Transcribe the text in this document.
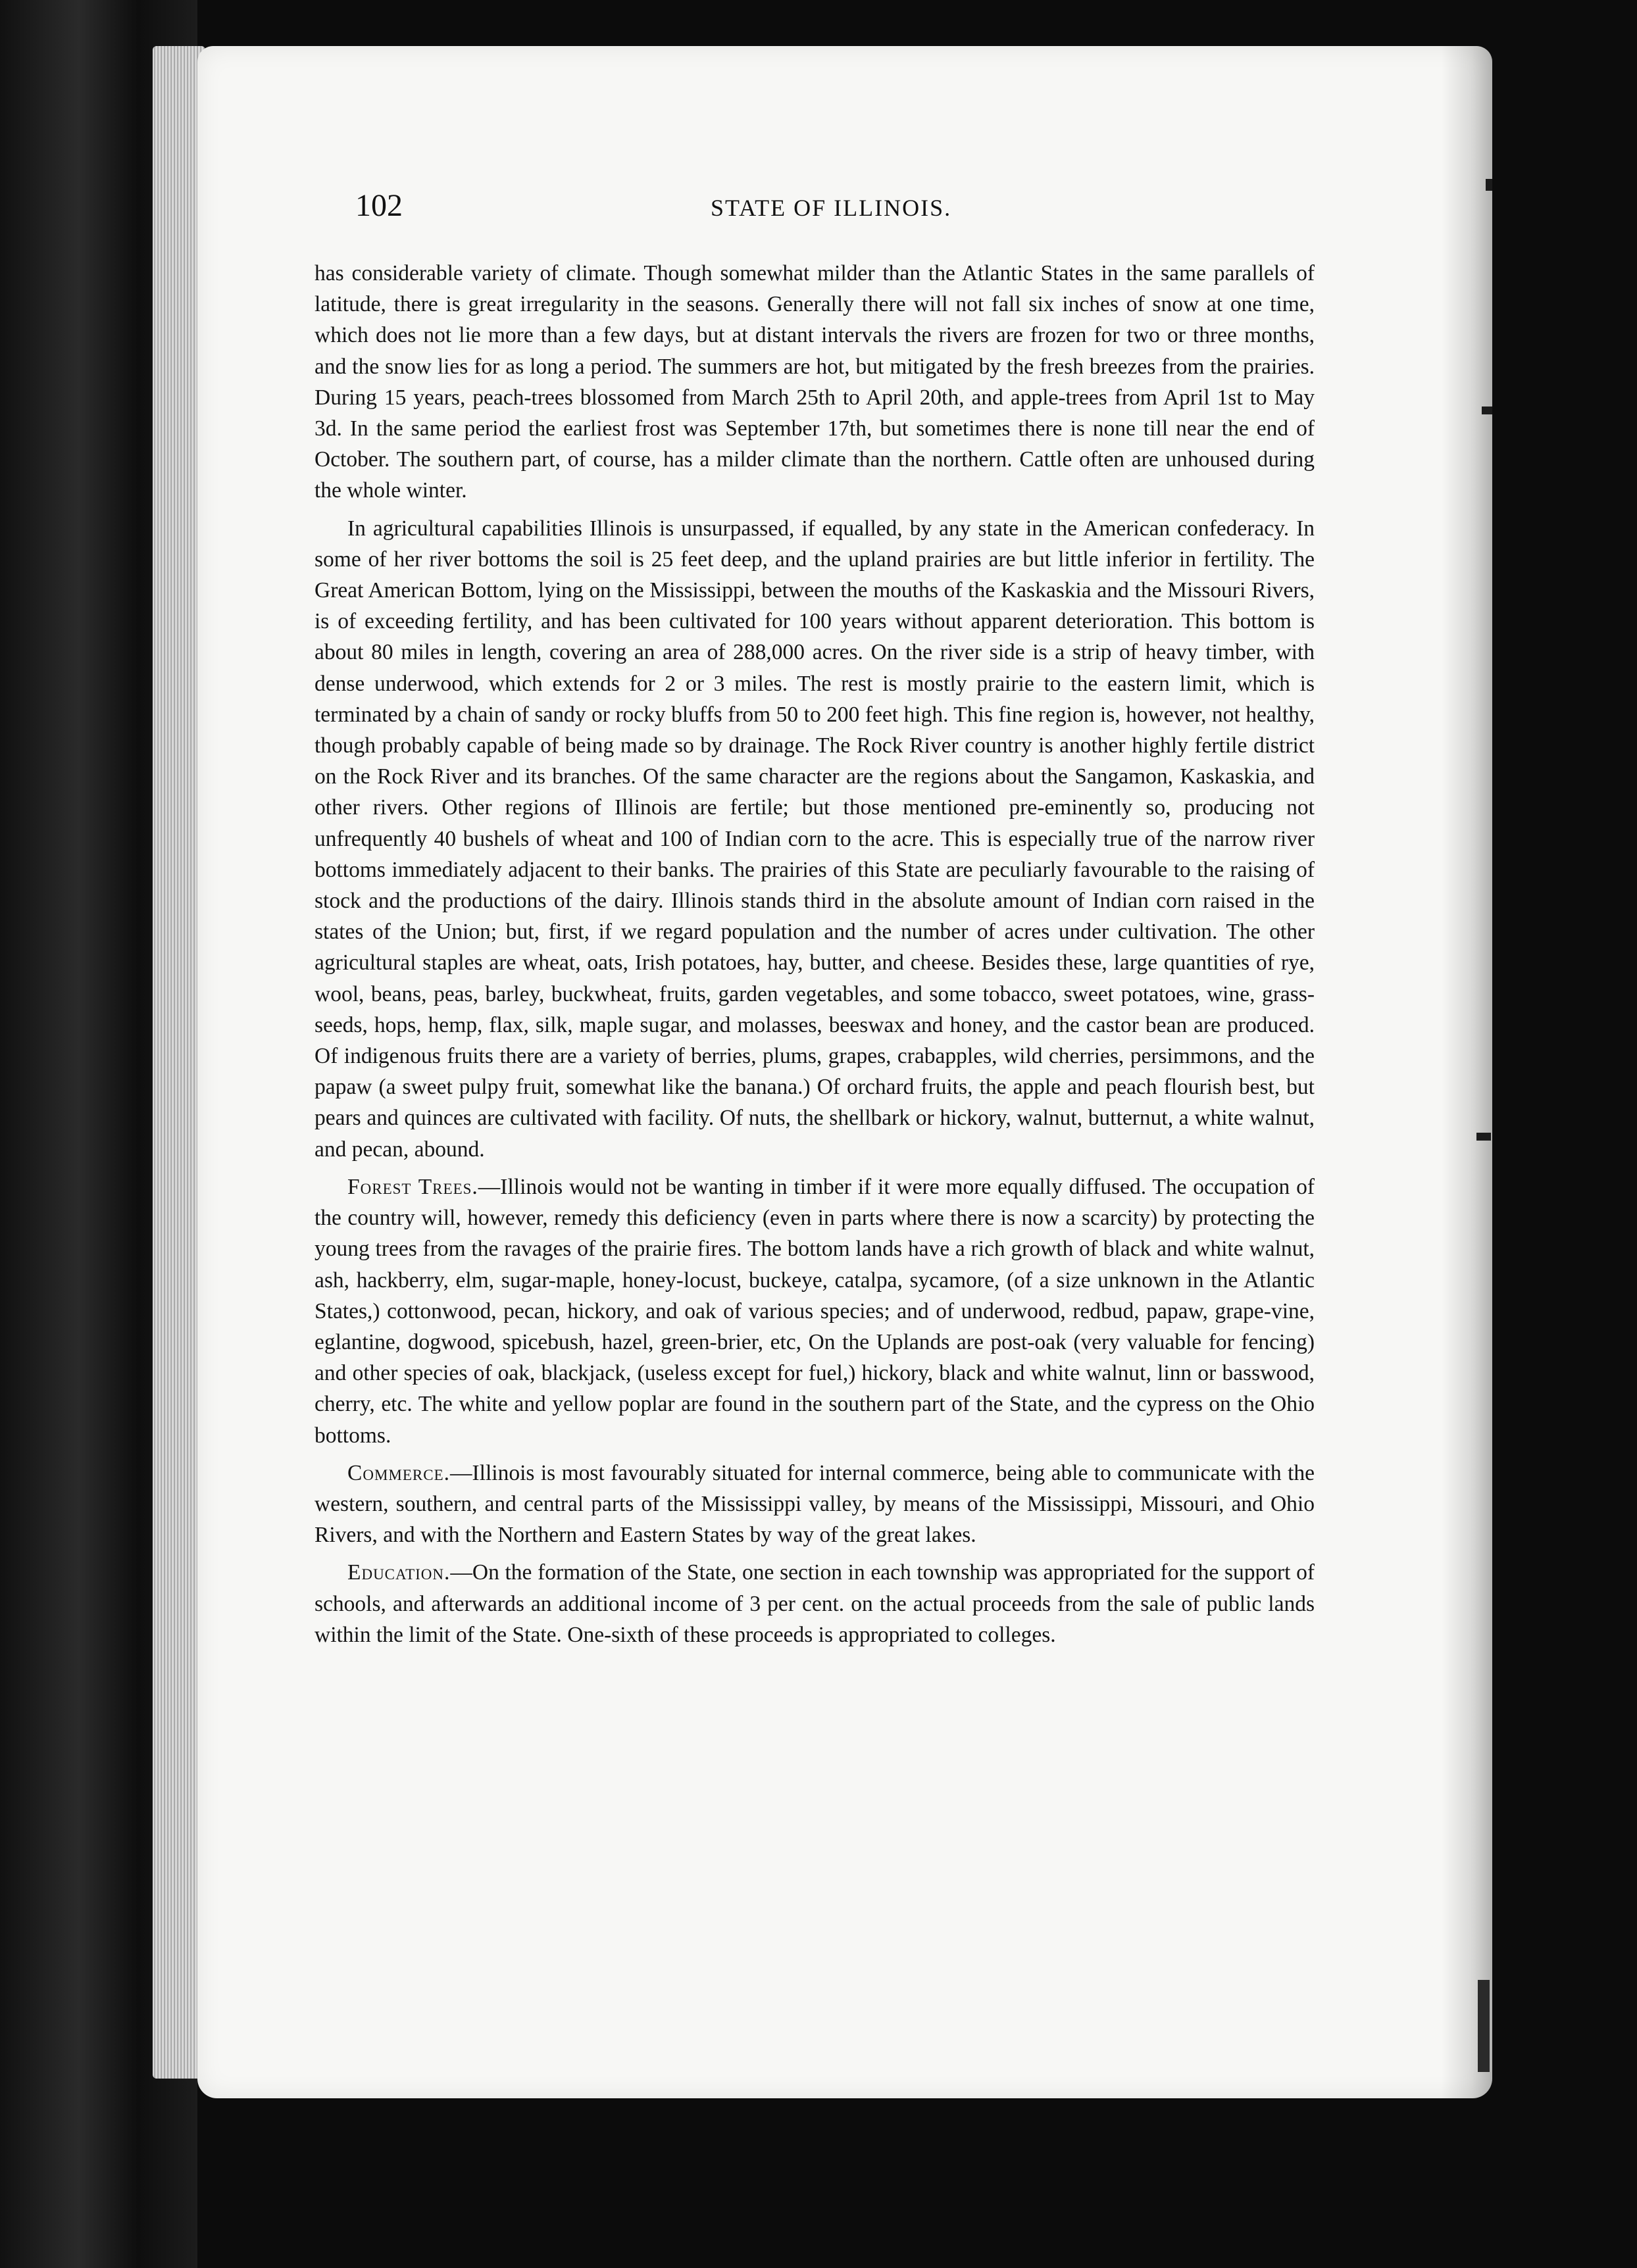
102	STATE OF ILLINOIS.

has considerable variety of climate. Though somewhat milder than the Atlantic States in the same parallels of latitude, there is great irregularity in the seasons. Generally there will not fall six inches of snow at one time, which does not lie more than a few days, but at distant intervals the rivers are frozen for two or three months, and the snow lies for as long a period. The summers are hot, but mitigated by the fresh breezes from the prairies. During 15 years, peach-trees blossomed from March 25th to April 20th, and apple-trees from April 1st to May 3d. In the same period the earliest frost was September 17th, but sometimes there is none till near the end of October. The southern part, of course, has a milder climate than the northern. Cattle often are unhoused during the whole winter.

In agricultural capabilities Illinois is unsurpassed, if equalled, by any state in the American confederacy. In some of her river bottoms the soil is 25 feet deep, and the upland prairies are but little inferior in fertility. The Great American Bottom, lying on the Mississippi, between the mouths of the Kaskaskia and the Missouri Rivers, is of exceeding fertility, and has been cultivated for 100 years without apparent deterioration. This bottom is about 80 miles in length, covering an area of 288,000 acres. On the river side is a strip of heavy timber, with dense underwood, which extends for 2 or 3 miles. The rest is mostly prairie to the eastern limit, which is terminated by a chain of sandy or rocky bluffs from 50 to 200 feet high. This fine region is, however, not healthy, though probably capable of being made so by drainage. The Rock River country is another highly fertile district on the Rock River and its branches. Of the same character are the regions about the Sangamon, Kaskaskia, and other rivers. Other regions of Illinois are fertile; but those mentioned pre-eminently so, producing not unfrequently 40 bushels of wheat and 100 of Indian corn to the acre. This is especially true of the narrow river bottoms immediately adjacent to their banks. The prairies of this State are peculiarly favourable to the raising of stock and the productions of the dairy. Illinois stands third in the absolute amount of Indian corn raised in the states of the Union; but, first, if we regard population and the number of acres under cultivation. The other agricultural staples are wheat, oats, Irish potatoes, hay, butter, and cheese. Besides these, large quantities of rye, wool, beans, peas, barley, buckwheat, fruits, garden vegetables, and some tobacco, sweet potatoes, wine, grass-seeds, hops, hemp, flax, silk, maple sugar, and molasses, beeswax and honey, and the castor bean are produced. Of indigenous fruits there are a variety of berries, plums, grapes, crabapples, wild cherries, persimmons, and the papaw (a sweet pulpy fruit, somewhat like the banana.) Of orchard fruits, the apple and peach flourish best, but pears and quinces are cultivated with facility. Of nuts, the shellbark or hickory, walnut, butternut, a white walnut, and pecan, abound.

Forest Trees.—Illinois would not be wanting in timber if it were more equally diffused. The occupation of the country will, however, remedy this deficiency (even in parts where there is now a scarcity) by protecting the young trees from the ravages of the prairie fires. The bottom lands have a rich growth of black and white walnut, ash, hackberry, elm, sugar-maple, honey-locust, buckeye, catalpa, sycamore, (of a size unknown in the Atlantic States,) cottonwood, pecan, hickory, and oak of various species; and of underwood, redbud, papaw, grape-vine, eglantine, dogwood, spicebush, hazel, green-brier, etc, On the Uplands are post-oak (very valuable for fencing) and other species of oak, blackjack, (useless except for fuel,) hickory, black and white walnut, linn or basswood, cherry, etc. The white and yellow poplar are found in the southern part of the State, and the cypress on the Ohio bottoms.

Commerce.—Illinois is most favourably situated for internal commerce, being able to communicate with the western, southern, and central parts of the Mississippi valley, by means of the Mississippi, Missouri, and Ohio Rivers, and with the Northern and Eastern States by way of the great lakes.

Education.—On the formation of the State, one section in each township was appropriated for the support of schools, and afterwards an additional income of 3 per cent. on the actual proceeds from the sale of public lands within the limit of the State. One-sixth of these proceeds is appropriated to colleges.
